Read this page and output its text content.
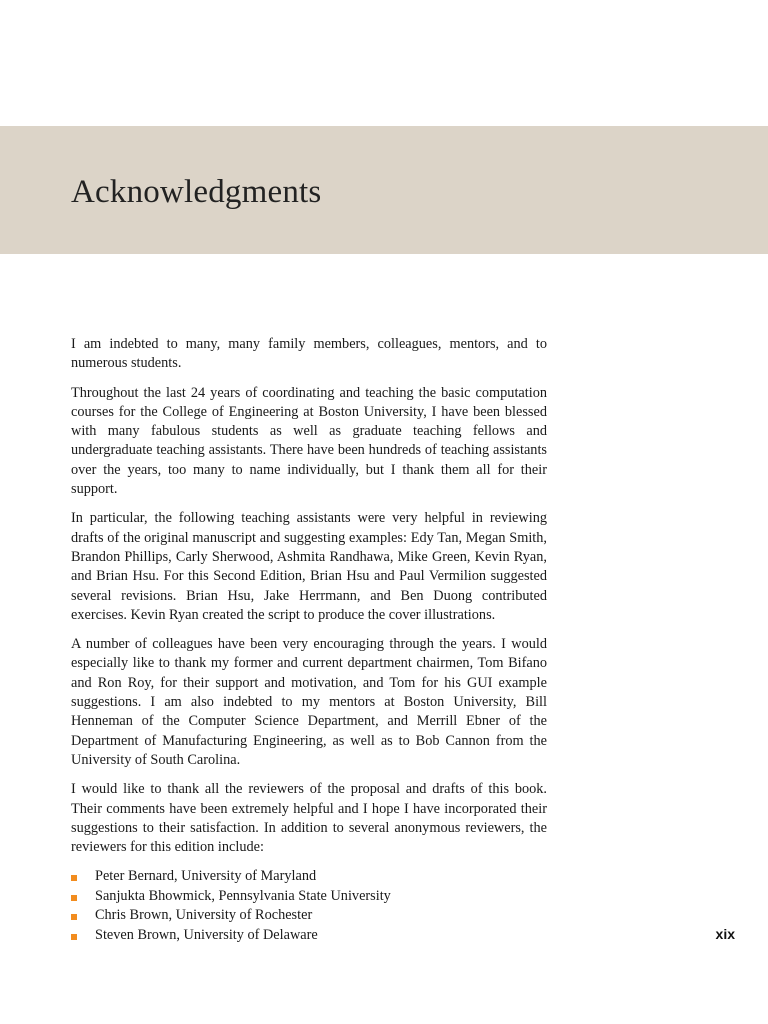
Acknowledgments

I am indebted to many, many family members, colleagues, mentors, and to numerous students.

Throughout the last 24 years of coordinating and teaching the basic computation courses for the College of Engineering at Boston University, I have been blessed with many fabulous students as well as graduate teaching fellows and undergraduate teaching assistants. There have been hundreds of teaching assistants over the years, too many to name individually, but I thank them all for their support.

In particular, the following teaching assistants were very helpful in reviewing drafts of the original manuscript and suggesting examples: Edy Tan, Megan Smith, Brandon Phillips, Carly Sherwood, Ashmita Randhawa, Mike Green, Kevin Ryan, and Brian Hsu. For this Second Edition, Brian Hsu and Paul Vermilion suggested several revisions. Brian Hsu, Jake Herrmann, and Ben Duong contributed exercises. Kevin Ryan created the script to produce the cover illustrations.

A number of colleagues have been very encouraging through the years. I would especially like to thank my former and current department chairmen, Tom Bifano and Ron Roy, for their support and motivation, and Tom for his GUI example suggestions. I am also indebted to my mentors at Boston University, Bill Henneman of the Computer Science Department, and Merrill Ebner of the Department of Manufacturing Engineering, as well as to Bob Cannon from the University of South Carolina.

I would like to thank all the reviewers of the proposal and drafts of this book. Their comments have been extremely helpful and I hope I have incorporated their suggestions to their satisfaction. In addition to several anonymous reviewers, the reviewers for this edition include:

Peter Bernard, University of Maryland
Sanjukta Bhowmick, Pennsylvania State University
Chris Brown, University of Rochester
Steven Brown, University of Delaware	xix
